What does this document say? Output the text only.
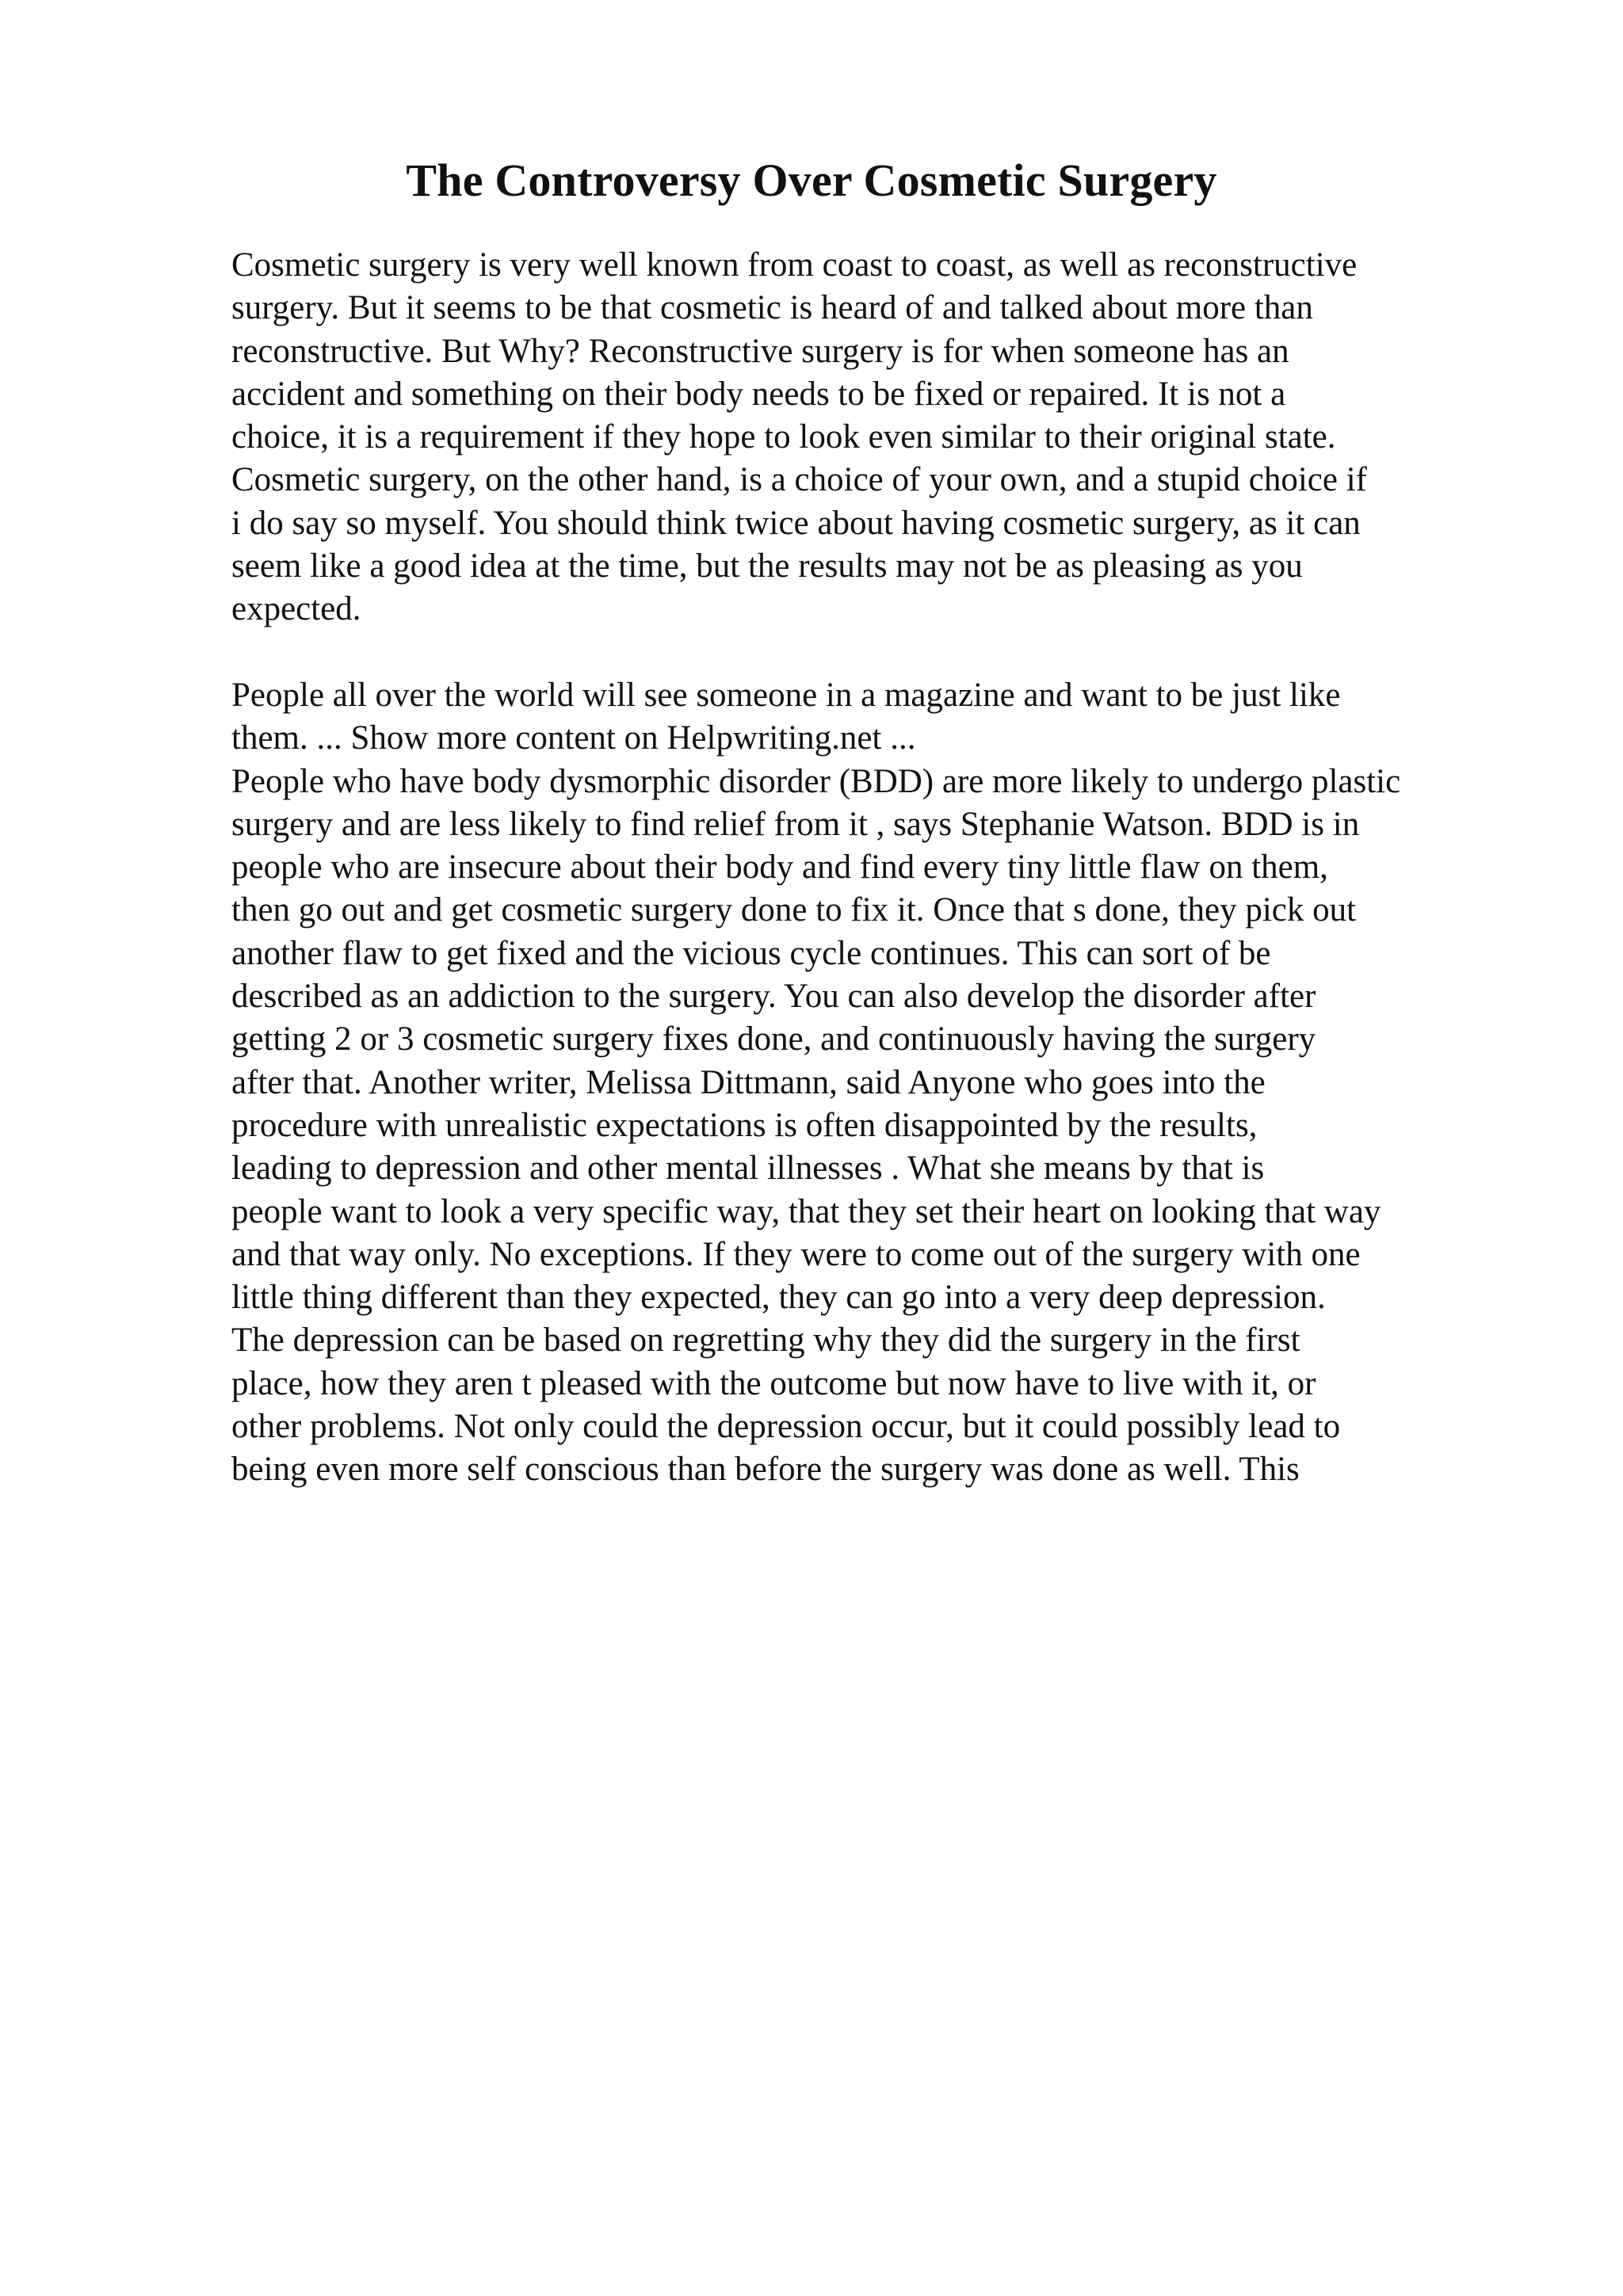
The Controversy Over Cosmetic Surgery
Cosmetic surgery is very well known from coast to coast, as well as reconstructive
surgery. But it seems to be that cosmetic is heard of and talked about more than
reconstructive. But Why? Reconstructive surgery is for when someone has an
accident and something on their body needs to be fixed or repaired. It is not a
choice, it is a requirement if they hope to look even similar to their original state.
Cosmetic surgery, on the other hand, is a choice of your own, and a stupid choice if
i do say so myself. You should think twice about having cosmetic surgery, as it can
seem like a good idea at the time, but the results may not be as pleasing as you
expected.
People all over the world will see someone in a magazine and want to be just like
them. ... Show more content on Helpwriting.net ...
People who have body dysmorphic disorder (BDD) are more likely to undergo plastic
surgery and are less likely to find relief from it , says Stephanie Watson. BDD is in
people who are insecure about their body and find every tiny little flaw on them,
then go out and get cosmetic surgery done to fix it. Once that s done, they pick out
another flaw to get fixed and the vicious cycle continues. This can sort of be
described as an addiction to the surgery. You can also develop the disorder after
getting 2 or 3 cosmetic surgery fixes done, and continuously having the surgery
after that. Another writer, Melissa Dittmann, said Anyone who goes into the
procedure with unrealistic expectations is often disappointed by the results,
leading to depression and other mental illnesses . What she means by that is
people want to look a very specific way, that they set their heart on looking that way
and that way only. No exceptions. If they were to come out of the surgery with one
little thing different than they expected, they can go into a very deep depression.
The depression can be based on regretting why they did the surgery in the first
place, how they aren t pleased with the outcome but now have to live with it, or
other problems. Not only could the depression occur, but it could possibly lead to
being even more self conscious than before the surgery was done as well. This
